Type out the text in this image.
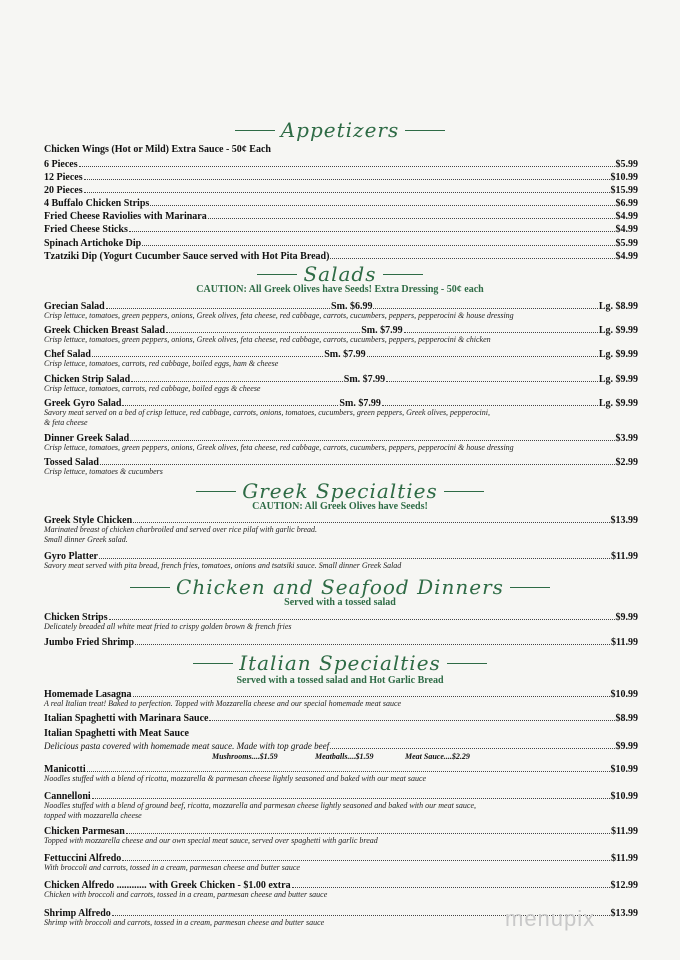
Appetizers
Chicken Wings (Hot or Mild) Extra Sauce - 50¢ Each
6 Pieces	$5.99
12 Pieces	$10.99
20 Pieces	$15.99
4 Buffalo Chicken Strips	$6.99
Fried Cheese Raviolies with Marinara	$4.99
Fried Cheese Sticks	$4.99
Spinach Artichoke Dip	$5.99
Tzatziki Dip (Yogurt Cucumber Sauce served with Hot Pita Bread)	$4.99
Salads
CAUTION: All Greek Olives have Seeds! Extra Dressing - 50¢ each
Grecian Salad	Sm. $6.99	Lg. $8.99
Crisp lettuce, tomatoes, green peppers, onions, Greek olives, feta cheese, red cabbage, carrots, cucumbers, peppers, pepperocini & house dressing
Greek Chicken Breast Salad	Sm. $7.99	Lg. $9.99
Crisp lettuce, tomatoes, green peppers, onions, Greek olives, feta cheese, red cabbage, carrots, cucumbers, peppers, pepperocini & chicken
Chef Salad	Sm. $7.99	Lg. $9.99
Crisp lettuce, tomatoes, carrots, red cabbage, boiled eggs, ham & cheese
Chicken Strip Salad	Sm. $7.99	Lg. $9.99
Crisp lettuce, tomatoes, carrots, red cabbage, boiled eggs & cheese
Greek Gyro Salad	Sm. $7.99	Lg. $9.99
Savory meat served on a bed of crisp lettuce, red cabbage, carrots, onions, tomatoes, cucumbers, green peppers, Greek olives, pepperocini,
& feta cheese
Dinner Greek Salad	$3.99
Crisp lettuce, tomatoes, green peppers, onions, Greek olives, feta cheese, red cabbage, carrots, cucumbers, peppers, pepperocini & house dressing
Tossed Salad	$2.99
Crisp lettuce, tomatoes & cucumbers
Greek Specialties
CAUTION: All Greek Olives have Seeds!
Greek Style Chicken	$13.99
Marinated breast of chicken charbroiled and served over rice pilaf with garlic bread.
Small dinner Greek salad.
Gyro Platter	$11.99
Savory meat served with pita bread, french fries, tomatoes, onions and tsatsiki sauce. Small dinner Greek Salad
Chicken and Seafood Dinners
Served with a tossed salad
Chicken Strips	$9.99
Delicately breaded all white meat fried to crispy golden brown & french fries
Jumbo Fried Shrimp	$11.99
Italian Specialties
Served with a tossed salad and Hot Garlic Bread
Homemade Lasagna	$10.99
A real Italian treat! Baked to perfection. Topped with Mozzarella cheese and our special homemade meat sauce
Italian Spaghetti with Marinara Sauce	$8.99
Italian Spaghetti with Meat Sauce
Delicious pasta covered with homemade meat sauce. Made with top grade beef	$9.99
Mushrooms....$1.59	Meatballs....$1.59	Meat Sauce....$2.29
Manicotti	$10.99
Noodles stuffed with a blend of ricotta, mozzarella & parmesan cheese lightly seasoned and baked with our meat sauce
Cannelloni	$10.99
Noodles stuffed with a blend of ground beef, ricotta, mozzarella and parmesan cheese lightly seasoned and baked with our meat sauce,
topped with mozzarella cheese
Chicken Parmesan	$11.99
Topped with mozzarella cheese and our own special meat sauce, served over spaghetti with garlic bread
Fettuccini Alfredo	$11.99
With broccoli and carrots, tossed in a cream, parmesan cheese and butter sauce
Chicken Alfredo ............ with Greek Chicken - $1.00 extra	$12.99
Chicken with broccoli and carrots, tossed in a cream, parmesan cheese and butter sauce
Shrimp Alfredo	$13.99
Shrimp with broccoli and carrots, tossed in a cream, parmesan cheese and butter sauce	menupix
